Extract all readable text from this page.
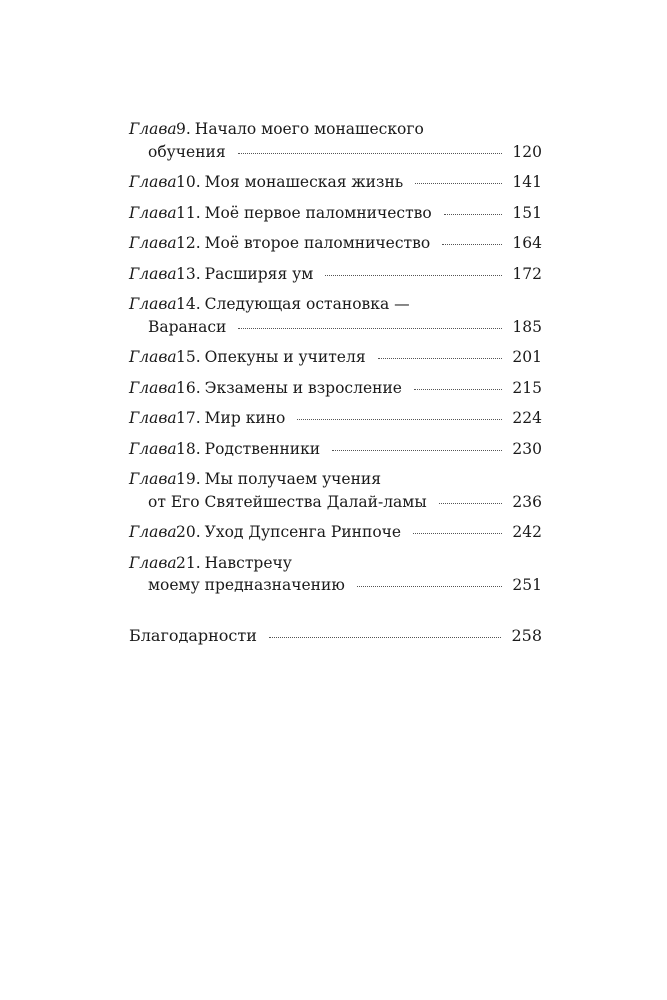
Глава 9. Начало моего монашеского
обучения	120
Глава 10. Моя монашеская жизнь	141
Глава 11. Моё первое паломничество	151
Глава 12. Моё второе паломничество	164
Глава 13. Расширяя ум	172
Глава 14. Следующая остановка —
Варанаси	185
Глава 15. Опекуны и учителя	201
Глава 16. Экзамены и взросление	215
Глава 17. Мир кино	224
Глава 18. Родственники	230
Глава 19. Мы получаем учения
от Его Святейшества Далай-ламы	236
Глава 20. Уход Дупсенга Ринпоче	242
Глава 21. Навстречу
моему предназначению	251
Благодарности	258
